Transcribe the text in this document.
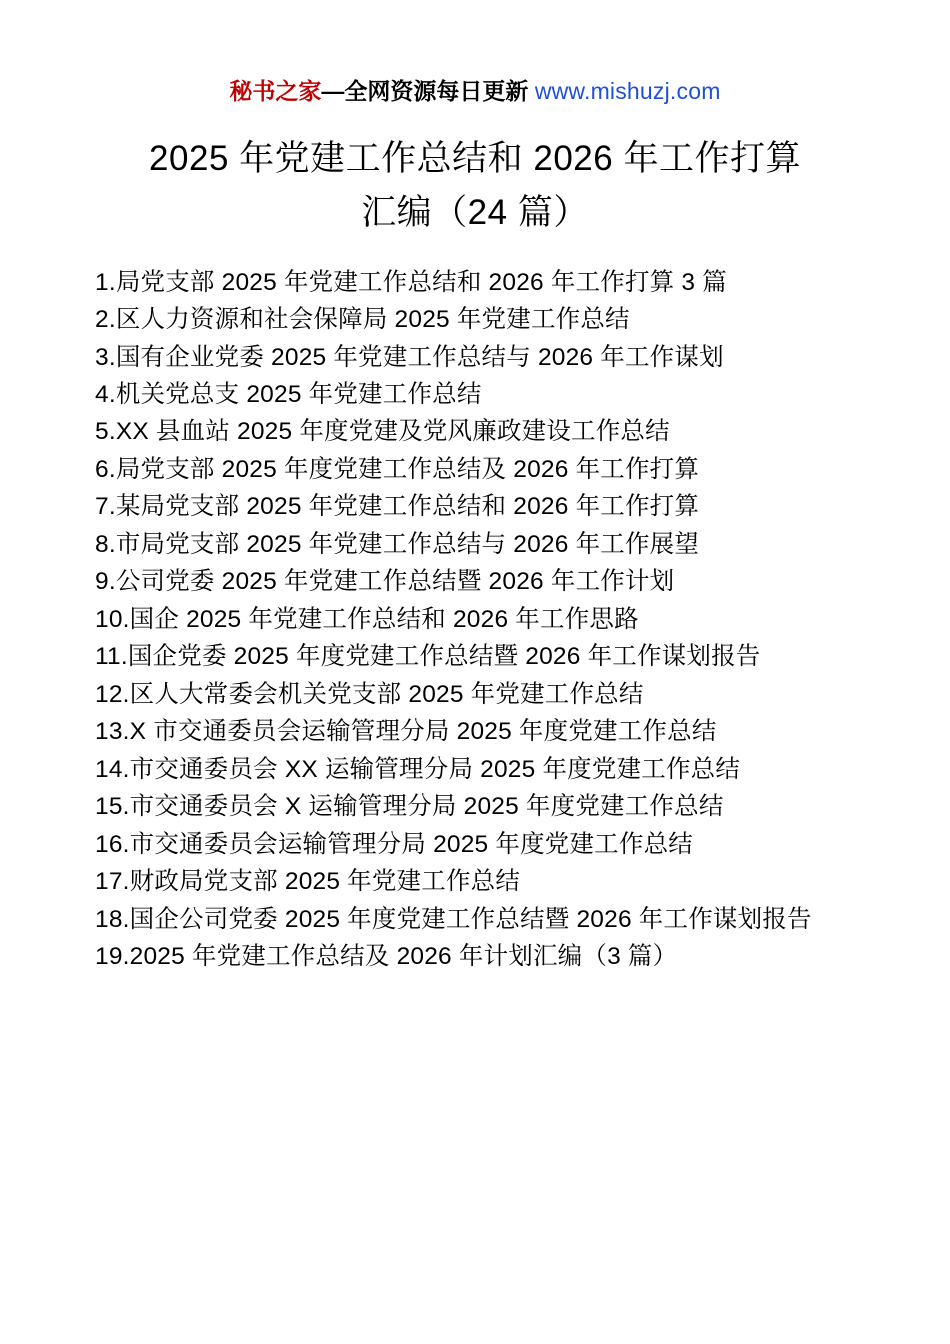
秘书之家—全网资源每日更新 www.mishuzj.com
2025 年党建工作总结和 2026 年工作打算
汇编（24 篇）
1.局党支部 2025 年党建工作总结和 2026 年工作打算 3 篇
2.区人力资源和社会保障局 2025 年党建工作总结
3.国有企业党委 2025 年党建工作总结与 2026 年工作谋划
4.机关党总支 2025 年党建工作总结
5.XX 县血站 2025 年度党建及党风廉政建设工作总结
6.局党支部 2025 年度党建工作总结及 2026 年工作打算
7.某局党支部 2025 年党建工作总结和 2026 年工作打算
8.市局党支部 2025 年党建工作总结与 2026 年工作展望
9.公司党委 2025 年党建工作总结暨 2026 年工作计划
10.国企 2025 年党建工作总结和 2026 年工作思路
11.国企党委 2025 年度党建工作总结暨 2026 年工作谋划报告
12.区人大常委会机关党支部 2025 年党建工作总结
13.X 市交通委员会运输管理分局 2025 年度党建工作总结
14.市交通委员会 XX 运输管理分局 2025 年度党建工作总结
15.市交通委员会 X 运输管理分局 2025 年度党建工作总结
16.市交通委员会运输管理分局 2025 年度党建工作总结
17.财政局党支部 2025 年党建工作总结
18.国企公司党委 2025 年度党建工作总结暨 2026 年工作谋划报告
19.2025 年党建工作总结及 2026 年计划汇编（3 篇）
